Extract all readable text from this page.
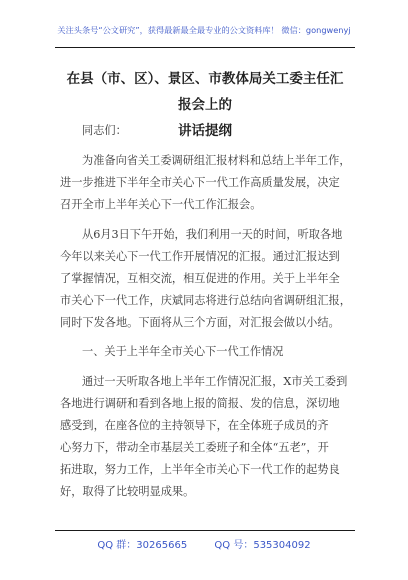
关注头条号“公文研究”，获得最新最全最专业的公文资料库！ 微信：gongwenyj
在县（市、区）、景区、市教体局关工委主任汇报会上的
讲话提纲
同志们：
为准备向省关工委调研组汇报材料和总结上半年工作，
进一步推进下半年全市关心下一代工作高质量发展，决定
召开全市上半年关心下一代工作汇报会。
从6月3日下午开始，我们利用一天的时间，听取各地
今年以来关心下一代工作开展情况的汇报。通过汇报达到
了掌握情况，互相交流，相互促进的作用。关于上半年全
市关心下一代工作，庆斌同志将进行总结向省调研组汇报，
同时下发各地。下面将从三个方面，对汇报会做以小结。
一、关于上半年全市关心下一代工作情况
通过一天听取各地上半年工作情况汇报，X市关工委到
各地进行调研和看到各地上报的简报、发的信息，深切地
感受到，在座各位的主持领导下，在全体班子成员的齐
心努力下，带动全市基层关工委班子和全体“五老”，开
拓进取，努力工作，上半年全市关心下一代工作的起势良
好，取得了比较明显成果。
QQ 群：30265665	QQ 号：535304092
